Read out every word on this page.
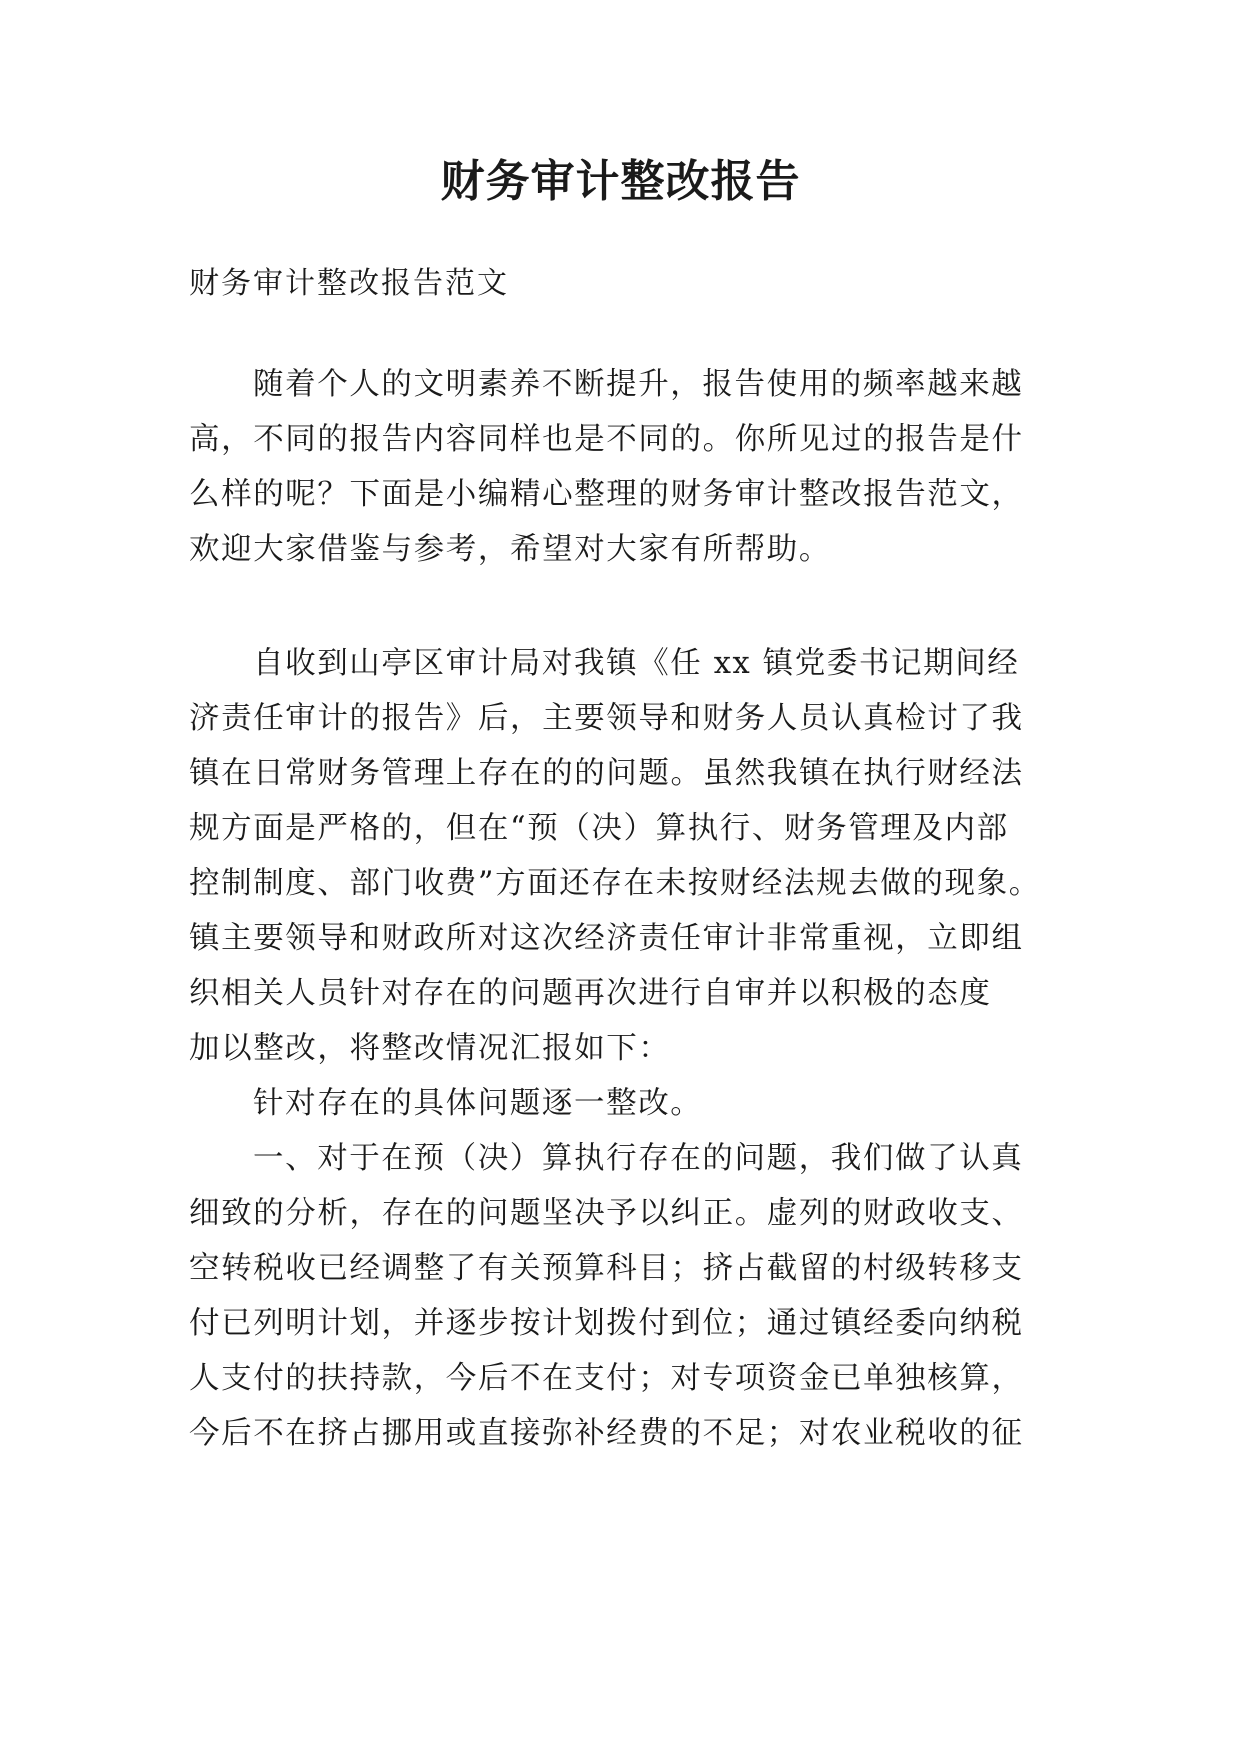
财务审计整改报告
财务审计整改报告范文
随着个人的文明素养不断提升，报告使用的频率越来越
高，不同的报告内容同样也是不同的。你所见过的报告是什
么样的呢？下面是小编精心整理的财务审计整改报告范文，
欢迎大家借鉴与参考，希望对大家有所帮助。
自收到山亭区审计局对我镇《任 xx 镇党委书记期间经
济责任审计的报告》后，主要领导和财务人员认真检讨了我
镇在日常财务管理上存在的的问题。虽然我镇在执行财经法
规方面是严格的，但在“预（决）算执行、财务管理及内部
控制制度、部门收费”方面还存在未按财经法规去做的现象。
镇主要领导和财政所对这次经济责任审计非常重视，立即组
织相关人员针对存在的问题再次进行自审并以积极的态度
加以整改，将整改情况汇报如下：
针对存在的具体问题逐一整改。
一、对于在预（决）算执行存在的问题，我们做了认真
细致的分析，存在的问题坚决予以纠正。虚列的财政收支、
空转税收已经调整了有关预算科目；挤占截留的村级转移支
付已列明计划，并逐步按计划拨付到位；通过镇经委向纳税
人支付的扶持款，今后不在支付；对专项资金已单独核算，
今后不在挤占挪用或直接弥补经费的不足；对农业税收的征
